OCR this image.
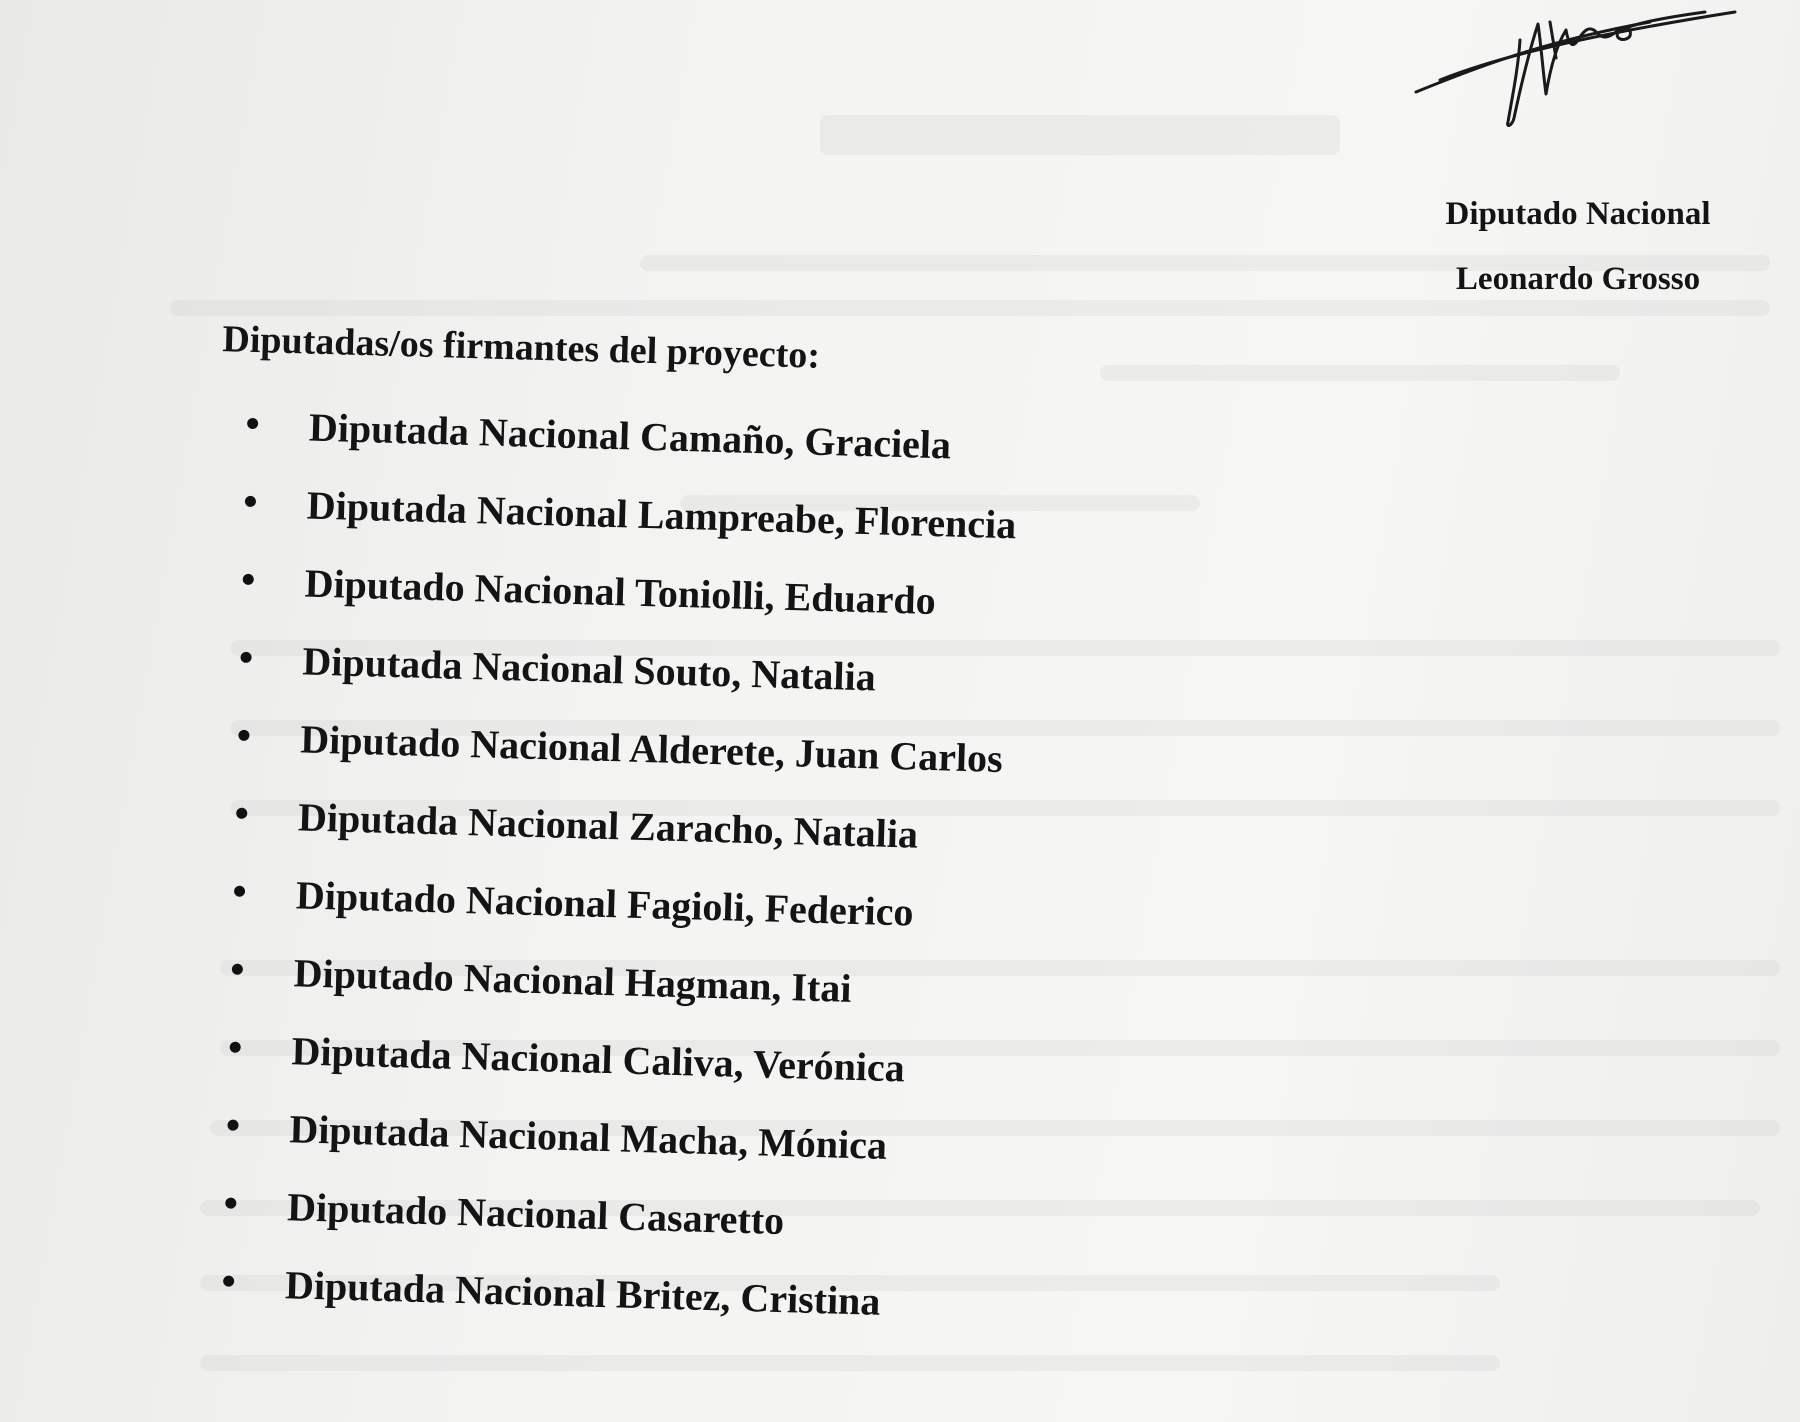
Diputado Nacional
Leonardo Grosso
Diputadas/os firmantes del proyecto:
Diputada Nacional Camaño, Graciela
Diputada Nacional Lampreabe, Florencia
Diputado Nacional Toniolli, Eduardo
Diputada Nacional Souto, Natalia
Diputado Nacional Alderete, Juan Carlos
Diputada Nacional Zaracho, Natalia
Diputado Nacional Fagioli, Federico
Diputado Nacional Hagman, Itai
Diputada Nacional Caliva, Verónica
Diputada Nacional Macha, Mónica
Diputado Nacional Casaretto
Diputada Nacional Britez, Cristina
